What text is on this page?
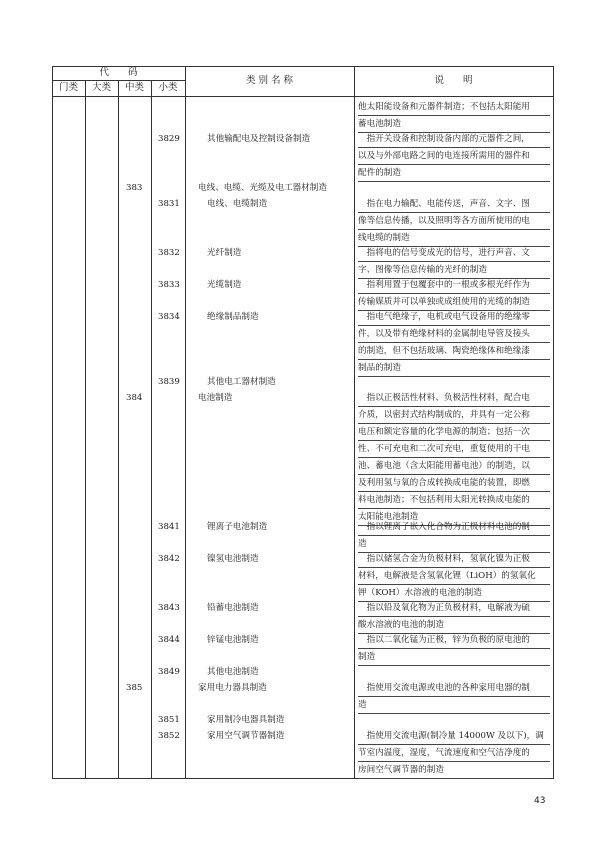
代　　码
门类	大类	中类	小类
类 别 名 称	说　　明
他太阳能设备和元器件制造；不包括太阳能用
蓄电池制造
3829	其他输配电及控制设备制造	　指开关设备和控制设备内部的元器件之间，
以及与外部电路之间的电连接所需用的器件和
配件的制造
383	电线、电缆、光缆及电工器材制造
3831	电线、电缆制造	　指在电力输配、电能传送，声音、文字、图
像等信息传播，以及照明等各方面所使用的电
线电缆的制造
3832	光纤制造	　指将电的信号变成光的信号，进行声音、文
字、图像等信息传输的光纤的制造
3833	光缆制造	　指利用置于包覆套中的一根或多根光纤作为
传输媒质并可以单独或成组使用的光缆的制造
3834	绝缘制品制造	　指电气绝缘子，电机或电气设备用的绝缘零
件，以及带有绝缘材料的金属制电导管及接头
的制造，但不包括玻璃、陶瓷绝缘体和绝缘漆
制品的制造
3839	其他电工器材制造
384	电池制造	　指以正极活性材料、负极活性材料，配合电
介质，以密封式结构制成的，并具有一定公称
电压和额定容量的化学电源的制造；包括一次
性、不可充电和二次可充电，重复使用的干电
池、蓄电池（含太阳能用蓄电池）的制造，以
及利用氢与氧的合成转换成电能的装置，即燃
料电池制造；不包括利用太阳光转换成电能的
太阳能电池制造
3841	锂离子电池制造	　指以锂离子嵌入化合物为正极材料电池的制
造
3842	镍氢电池制造	　指以储氢合金为负极材料，氢氧化镍为正极
材料，电解液是含氢氧化锂（LiOH）的氢氧化
钾（KOH）水溶液的电池的制造
3843	铅蓄电池制造	　指以铅及氧化物为正负极材料，电解液为硫
酸水溶液的电池的制造
3844	锌锰电池制造	　指以二氧化锰为正极，锌为负极的原电池的
制造
3849	其他电池制造
385	家用电力器具制造	　指使用交流电源或电池的各种家用电器的制
造
3851	家用制冷电器具制造
3852	家用空气调节器制造	　指使用交流电源(制冷量 14000W 及以下)，调
节室内温度，湿度，气流速度和空气洁净度的
房间空气调节器的制造
43
